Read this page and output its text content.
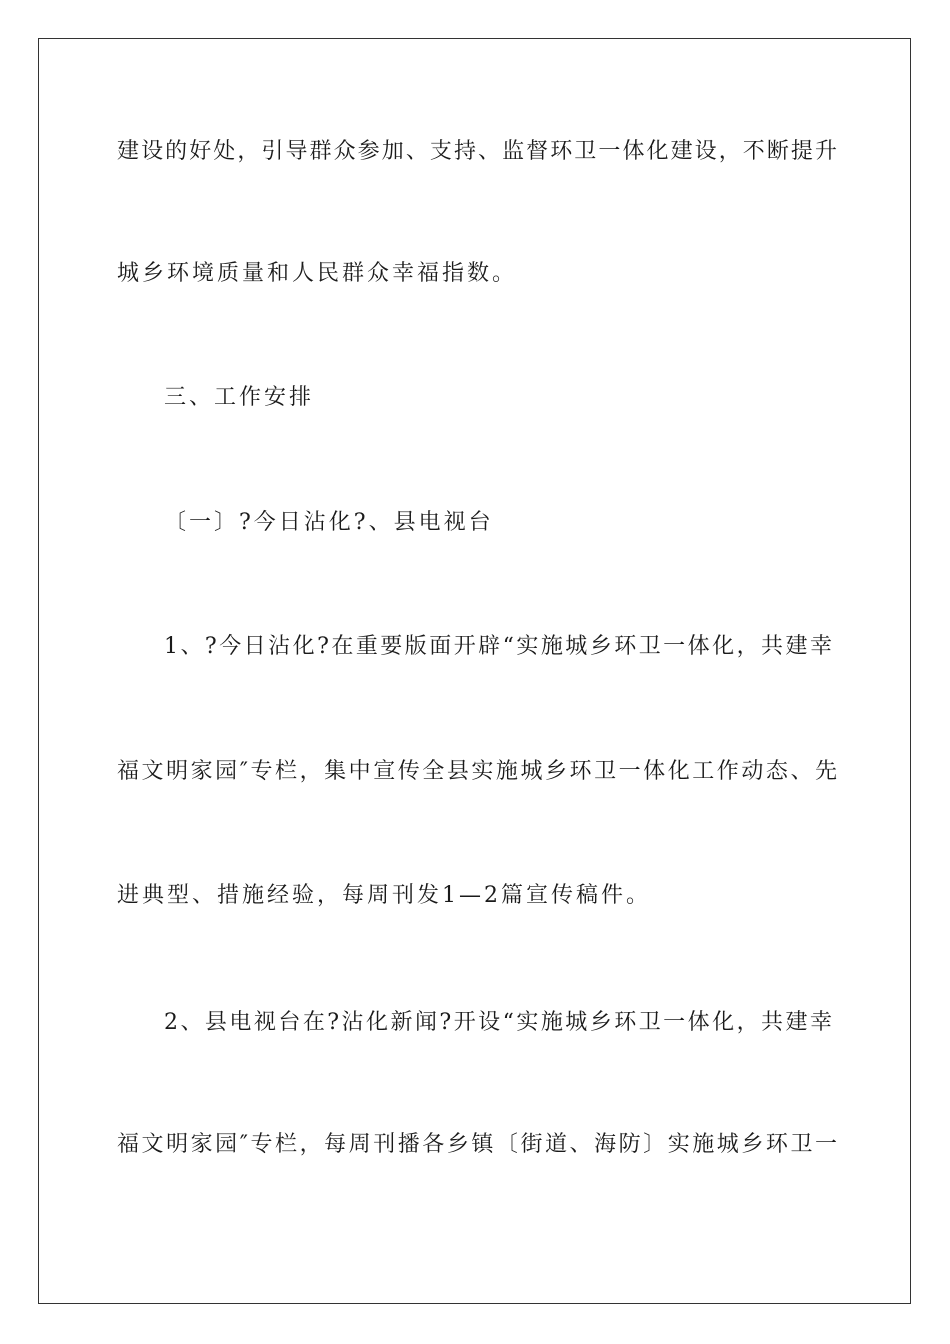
建设的好处，引导群众参加、支持、监督环卫一体化建设，不断提升

城乡环境质量和人民群众幸福指数。

三、工作安排

〔一〕?今日沾化?、县电视台

1、?今日沾化?在重要版面开辟“实施城乡环卫一体化，共建幸

福文明家园″专栏，集中宣传全县实施城乡环卫一体化工作动态、先

进典型、措施经验，每周刊发1—2篇宣传稿件。

2、县电视台在?沾化新闻?开设“实施城乡环卫一体化，共建幸

福文明家园″专栏，每周刊播各乡镇〔街道、海防〕实施城乡环卫一
